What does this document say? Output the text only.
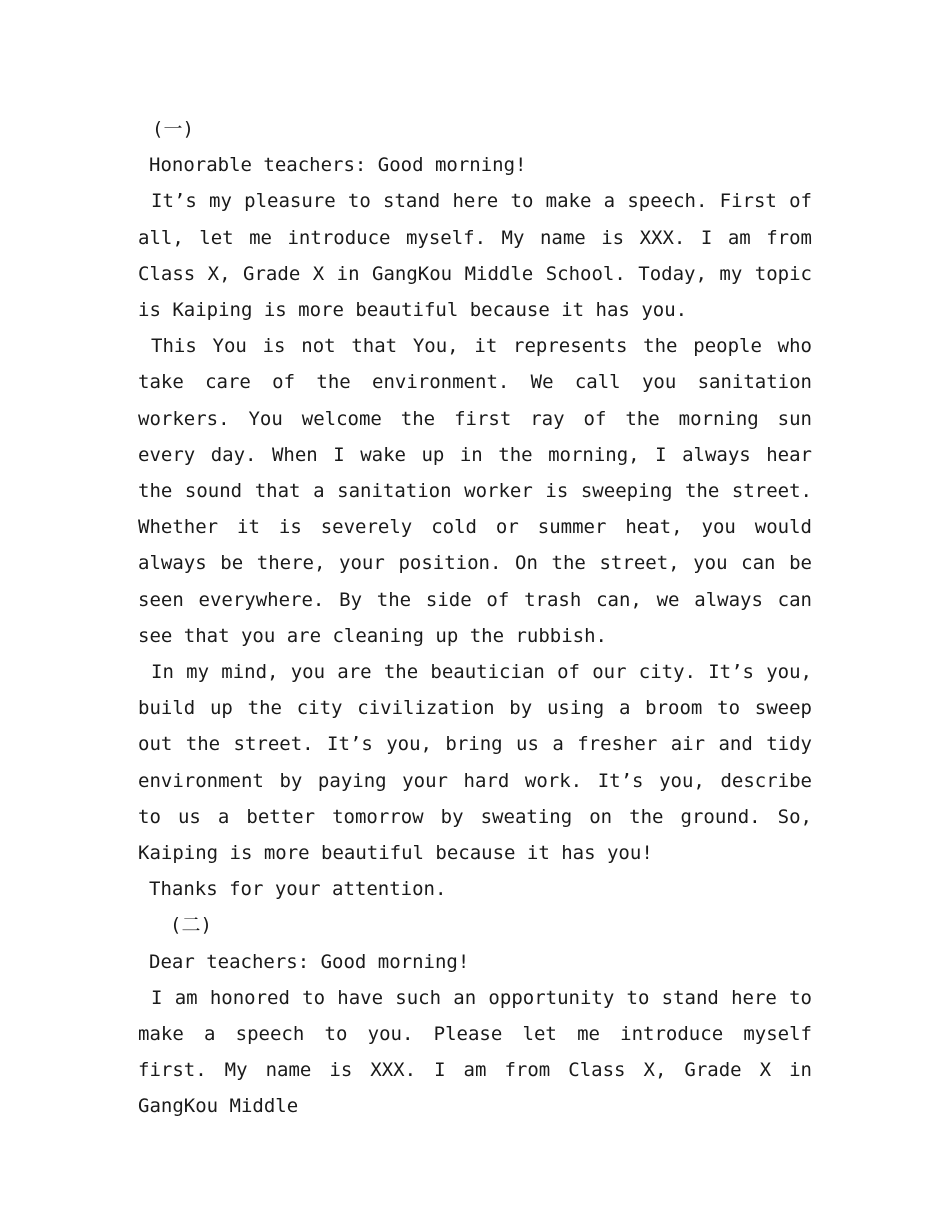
(一)
Honorable teachers: Good morning!

It’s my pleasure to stand here to make a speech. First of all, let me introduce myself. My name is XXX. I am from Class X, Grade X in GangKou Middle School. Today, my topic is Kaiping is more beautiful because it has you.

This You is not that You, it represents the people who take care of the environment. We call you sanitation workers. You welcome the first ray of the morning sun every day. When I wake up in the morning, I always hear the sound that a sanitation worker is sweeping the street. Whether it is severely cold or summer heat, you would always be there, your position. On the street, you can be seen everywhere. By the side of trash can, we always can see that you are cleaning up the rubbish.

In my mind, you are the beautician of our city. It’s you, build up the city civilization by using a broom to sweep out the street. It’s you, bring us a fresher air and tidy environment by paying your hard work. It’s you, describe to us a better tomorrow by sweating on the ground. So, Kaiping is more beautiful because it has you!

Thanks for your attention.
(二)
Dear teachers: Good morning!

I am honored to have such an opportunity to stand here to make a speech to you. Please let me introduce myself first. My name is XXX. I am from Class X, Grade X in GangKou Middle
